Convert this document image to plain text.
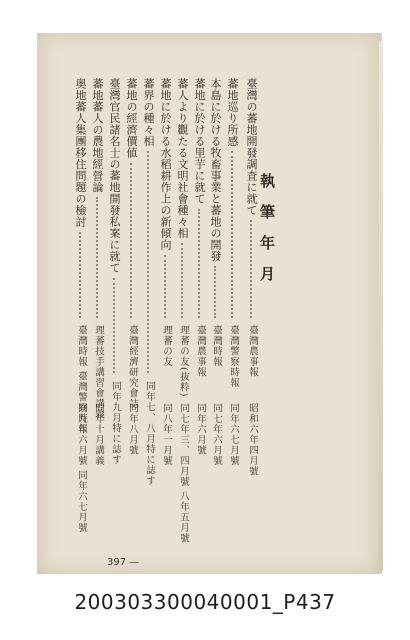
執筆年月
臺灣の蕃地開發調査に就て
臺灣農事報
昭和六年四月號
蕃地巡り所感
臺灣警察時報
同年六七月號
本島に於ける牧畜事業と蕃地の開發
臺灣時報
同七年六月號
蕃地に於ける里芋に就て
臺灣農事報
同年六月號
蕃人より觀たる文明社會種々相
理蕃の友(抜粋)
同七年三、四月號 八年五月號
蕃地に於ける水稻耕作上の新傾向
理蕃の友
同八年一月號
蕃界の種々相
同年七、八月特に誌す
蕃地の經濟價値
臺灣經濟研究會誌
同年八月號
臺灣官民諸名士の蕃地開發私案に就て
同年九月特に誌す
蕃地蕃人の農地經營論
理蕃技手講習會講義
同年十月講義
奥地蕃人集團移住問題の檢討
臺灣時報 臺灣警察時報
同九年六月號 同年六七月號
397 —
200303300040001_P437
